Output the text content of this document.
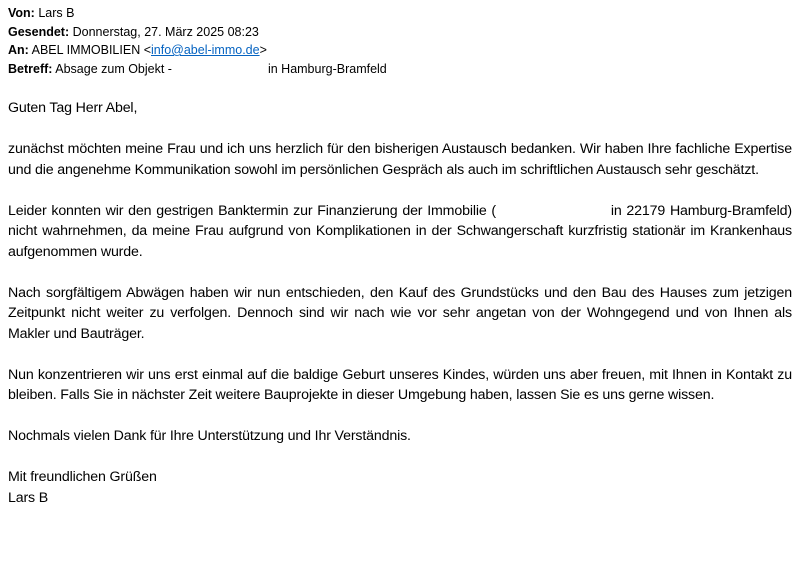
Von: Lars B
Gesendet: Donnerstag, 27. März 2025 08:23
An: ABEL IMMOBILIEN <info@abel-immo.de>
Betreff: Absage zum Objekt -	in Hamburg-Bramfeld

Guten Tag Herr Abel,

zunächst möchten meine Frau und ich uns herzlich für den bisherigen Austausch bedanken. Wir haben Ihre fachliche Expertise und die angenehme Kommunikation sowohl im persönlichen Gespräch als auch im schriftlichen Austausch sehr geschätzt.

Leider konnten wir den gestrigen Banktermin zur Finanzierung der Immobilie (	in 22179 Hamburg-Bramfeld) nicht wahrnehmen, da meine Frau aufgrund von Komplikationen in der Schwangerschaft kurzfristig stationär im Krankenhaus aufgenommen wurde.

Nach sorgfältigem Abwägen haben wir nun entschieden, den Kauf des Grundstücks und den Bau des Hauses zum jetzigen Zeitpunkt nicht weiter zu verfolgen. Dennoch sind wir nach wie vor sehr angetan von der Wohngegend und von Ihnen als Makler und Bauträger.

Nun konzentrieren wir uns erst einmal auf die baldige Geburt unseres Kindes, würden uns aber freuen, mit Ihnen in Kontakt zu bleiben. Falls Sie in nächster Zeit weitere Bauprojekte in dieser Umgebung haben, lassen Sie es uns gerne wissen.

Nochmals vielen Dank für Ihre Unterstützung und Ihr Verständnis.

Mit freundlichen Grüßen

Lars B
